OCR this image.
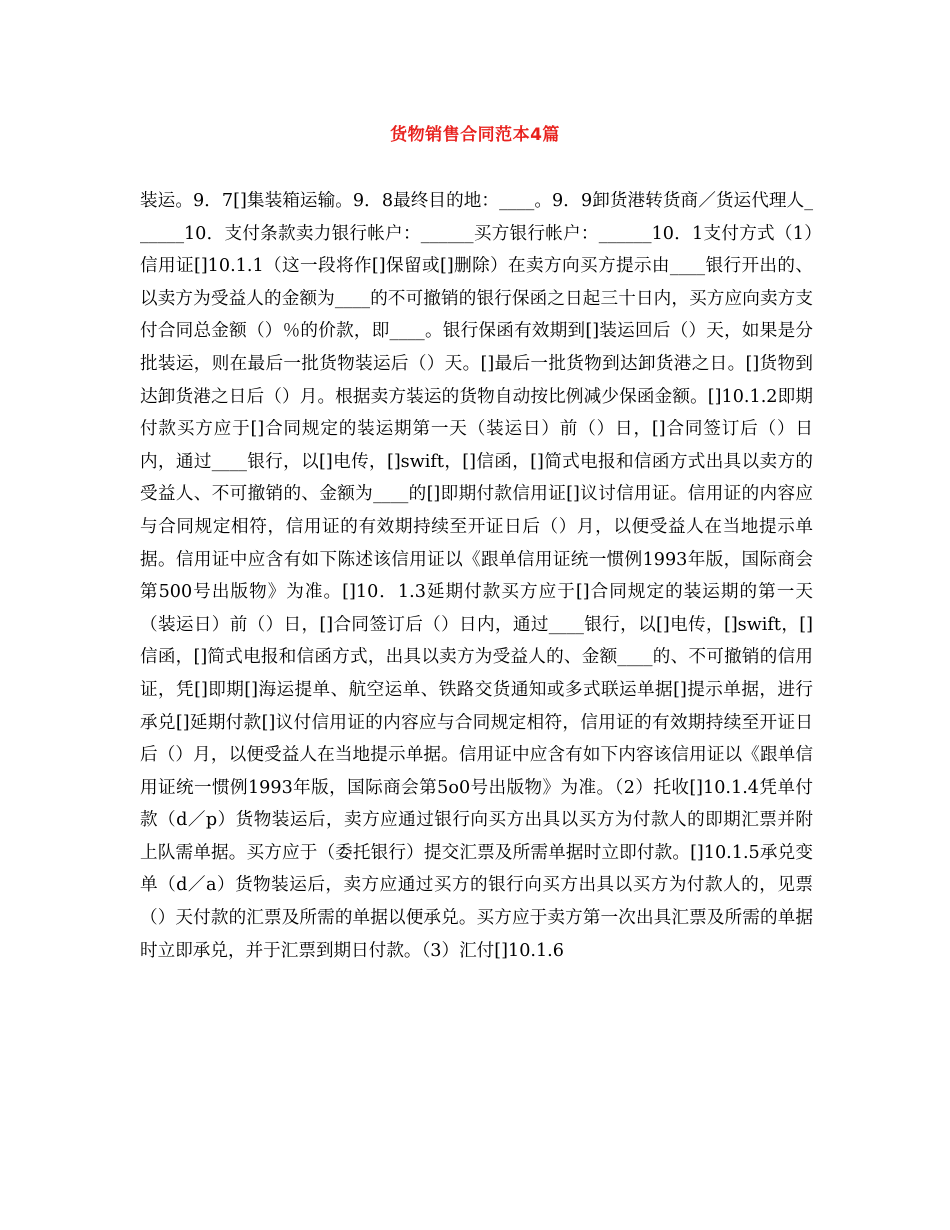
货物销售合同范本4篇

装运。9．7[]集装箱运输。9．8最终目的地：____。9．9卸货港转货商／货运代理人______10．支付条款卖力银行帐户：______买方银行帐户：______10．1支付方式（1）信用证[]10.1.1（这一段将作[]保留或[]删除）在卖方向买方提示由____银行开出的、以卖方为受益人的金额为____的不可撤销的银行保函之日起三十日内，买方应向卖方支付合同总金额（）％的价款，即____。银行保函有效期到[]装运回后（）天，如果是分批装运，则在最后一批货物装运后（）天。[]最后一批货物到达卸货港之日。[]货物到达卸货港之日后（）月。根据卖方装运的货物自动按比例减少保函金额。[]10.1.2即期付款买方应于[]合同规定的装运期第一天（装运日）前（）日，[]合同签订后（）日内，通过____银行，以[]电传，[]swift，[]信函，[]简式电报和信函方式出具以卖方的受益人、不可撤销的、金额为____的[]即期付款信用证[]议讨信用证。信用证的内容应与合同规定相符，信用证的有效期持续至开证日后（）月，以便受益人在当地提示单据。信用证中应含有如下陈述该信用证以《跟单信用证统一惯例1993年版，国际商会第500号出版物》为准。[]10．1.3延期付款买方应于[]合同规定的装运期的第一天（装运日）前（）日，[]合同签订后（）日内，通过____银行，以[]电传，[]swift，[]信函，[]简式电报和信函方式，出具以卖方为受益人的、金额____的、不可撤销的信用证，凭[]即期[]海运提单、航空运单、铁路交货通知或多式联运单据[]提示单据，进行承兑[]延期付款[]议付信用证的内容应与合同规定相符，信用证的有效期持续至开证日后（）月，以便受益人在当地提示单据。信用证中应含有如下内容该信用证以《跟单信用证统一惯例1993年版，国际商会第5o0号出版物》为准。（2）托收[]10.1.4凭单付款（d／p）货物装运后，卖方应通过银行向买方出具以买方为付款人的即期汇票并附上队需单据。买方应于（委托银行）提交汇票及所需单据时立即付款。[]10.1.5承兑变单（d／a）货物装运后，卖方应通过买方的银行向买方出具以买方为付款人的，见票（）天付款的汇票及所需的单据以便承兑。买方应于卖方第一次出具汇票及所需的单据时立即承兑，并于汇票到期日付款。（3）汇付[]10.1.6
